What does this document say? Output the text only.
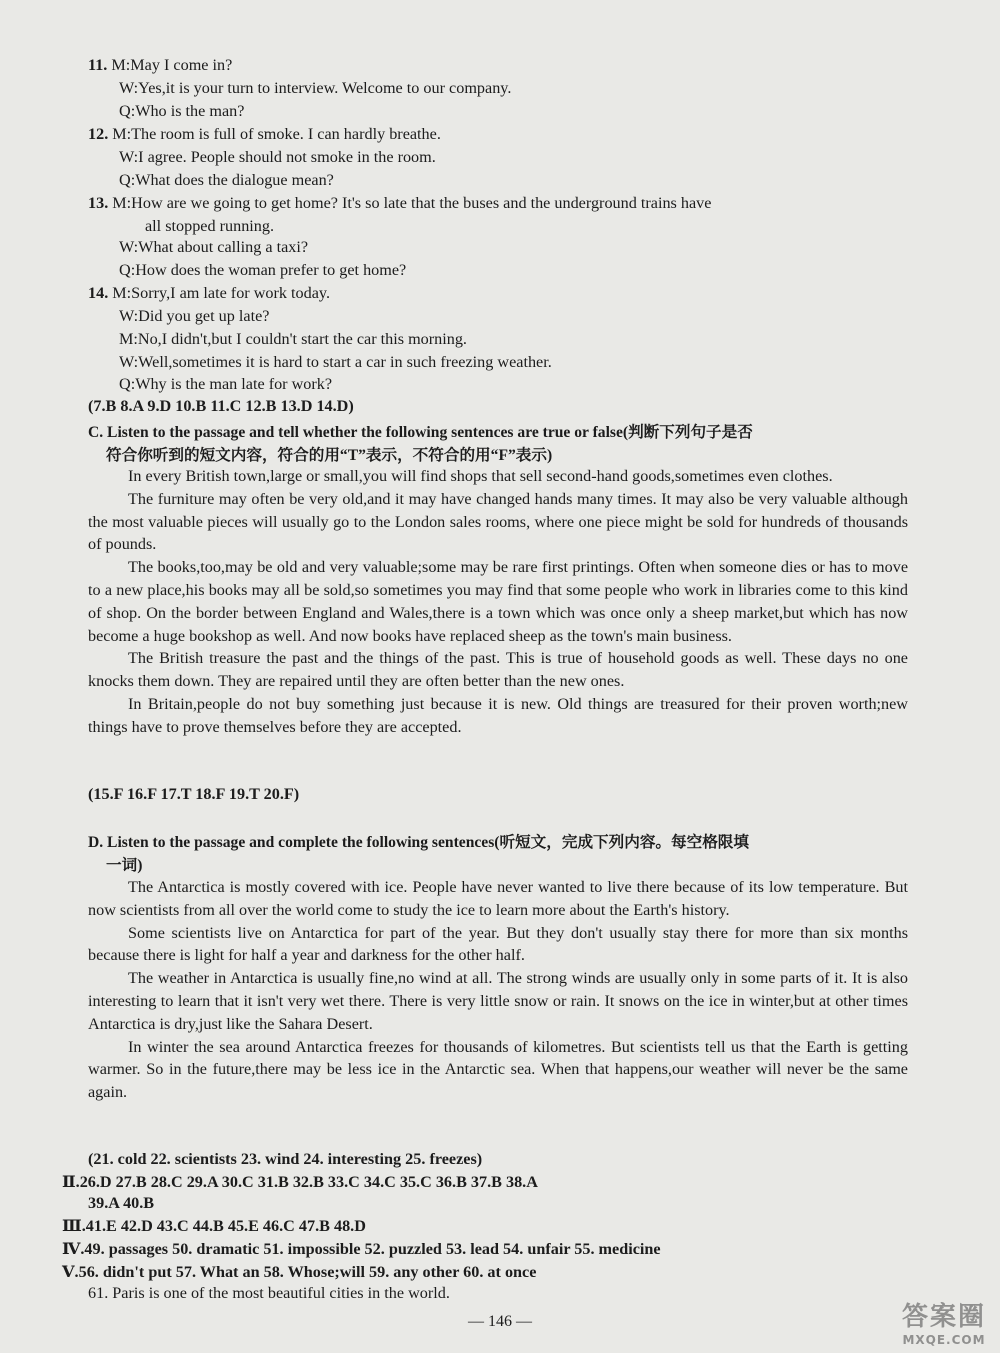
11. M:May I come in?
W:Yes,it is your turn to interview. Welcome to our company.
Q:Who is the man?
12. M:The room is full of smoke. I can hardly breathe.
W:I agree. People should not smoke in the room.
Q:What does the dialogue mean?
13. M:How are we going to get home? It's so late that the buses and the underground trains have
all stopped running.
W:What about calling a taxi?
Q:How does the woman prefer to get home?
14. M:Sorry,I am late for work today.
W:Did you get up late?
M:No,I didn't,but I couldn't start the car this morning.
W:Well,sometimes it is hard to start a car in such freezing weather.
Q:Why is the man late for work?
(7.B 8.A 9.D 10.B 11.C 12.B 13.D 14.D)
C. Listen to the passage and tell whether the following sentences are true or false(判断下列句子是否
符合你听到的短文内容，符合的用“T”表示，不符合的用“F”表示)

In every British town,large or small,you will find shops that sell second-hand goods,sometimes even clothes.

The furniture may often be very old,and it may have changed hands many times. It may also be very valuable although the most valuable pieces will usually go to the London sales rooms, where one piece might be sold for hundreds of thousands of pounds.

The books,too,may be old and very valuable;some may be rare first printings. Often when someone dies or has to move to a new place,his books may all be sold,so sometimes you may find that some people who work in libraries come to this kind of shop. On the border between England and Wales,there is a town which was once only a sheep market,but which has now become a huge bookshop as well. And now books have replaced sheep as the town's main business.

The British treasure the past and the things of the past. This is true of household goods as well. These days no one knocks them down. They are repaired until they are often better than the new ones.

In Britain,people do not buy something just because it is new. Old things are treasured for their proven worth;new things have to prove themselves before they are accepted.

(15.F 16.F 17.T 18.F 19.T 20.F)
D. Listen to the passage and complete the following sentences(听短文，完成下列内容。每空格限填
一词)

The Antarctica is mostly covered with ice. People have never wanted to live there because of its low temperature. But now scientists from all over the world come to study the ice to learn more about the Earth's history.

Some scientists live on Antarctica for part of the year. But they don't usually stay there for more than six months because there is light for half a year and darkness for the other half.

The weather in Antarctica is usually fine,no wind at all. The strong winds are usually only in some parts of it. It is also interesting to learn that it isn't very wet there. There is very little snow or rain. It snows on the ice in winter,but at other times Antarctica is dry,just like the Sahara Desert.

In winter the sea around Antarctica freezes for thousands of kilometres. But scientists tell us that the Earth is getting warmer. So in the future,there may be less ice in the Antarctic sea. When that happens,our weather will never be the same again.

(21. cold 22. scientists 23. wind 24. interesting 25. freezes)
Ⅱ.26.D 27.B 28.C 29.A 30.C 31.B 32.B 33.C 34.C 35.C 36.B 37.B 38.A
39.A 40.B
Ⅲ.41.E 42.D 43.C 44.B 45.E 46.C 47.B 48.D
Ⅳ.49. passages 50. dramatic 51. impossible 52. puzzled 53. lead 54. unfair 55. medicine
Ⅴ.56. didn't put 57. What an 58. Whose;will 59. any other 60. at once
61. Paris is one of the most beautiful cities in the world.
— 146 —	答案圈
MXQE.COM
